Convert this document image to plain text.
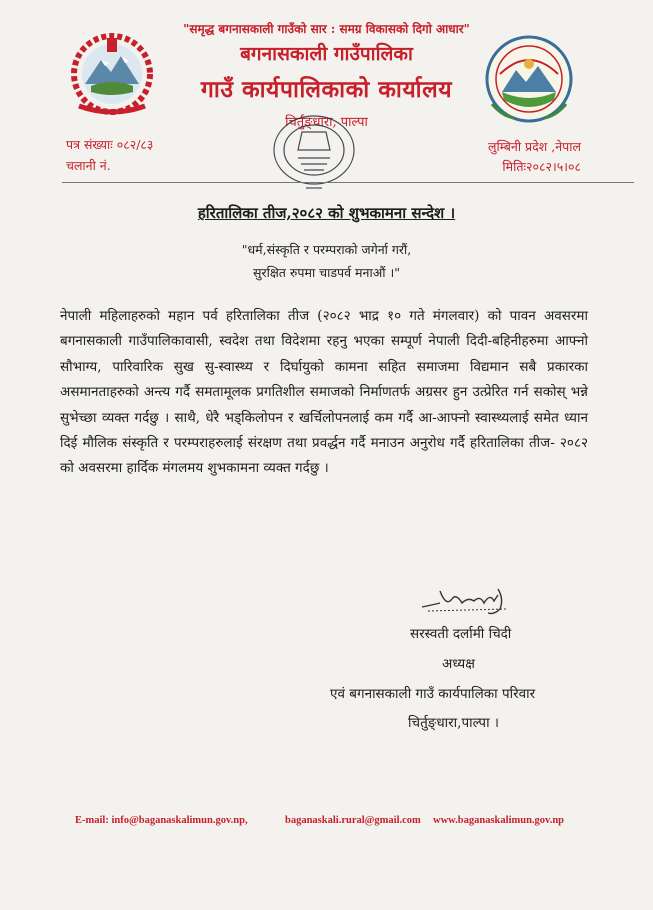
"समृद्ध बगनासकाली गाउँको सार : समग्र विकासको दिगो आधार"
बगनासकाली गाउँपालिका
गाउँ कार्यपालिकाको कार्यालय
चिर्तुङ्धारा, पाल्पा
पत्र संख्याः ०८२/८३
चलानी नं.
लुम्बिनी प्रदेश ,नेपाल
मितिः२०८२।५।०८
हरितालिका तीज,२०८२ को शुभकामना सन्देश ।
"धर्म,संस्कृति र परम्पराको जगेर्ना गरौं,
सुरक्षित रुपमा चाडपर्व मनाऔं ।"
नेपाली महिलाहरुको महान पर्व हरितालिका तीज (२०८२ भाद्र १० गते मंगलवार) को पावन अवसरमा बगनासकाली गाउँपालिकावासी, स्वदेश तथा विदेशमा रहनु भएका सम्पूर्ण नेपाली दिदी-बहिनीहरुमा आफ्नो सौभाग्य, पारिवारिक सुख सु-स्वास्थ्य र दिर्घायुको कामना सहित समाजमा विद्यमान सबै प्रकारका असमानताहरुको अन्त्य गर्दै समतामूलक प्रगतिशील समाजको निर्माणतर्फ अग्रसर हुन उत्प्रेरित गर्न सकोस् भन्ने सुभेच्छा व्यक्त गर्दछु । साथै, धेरै भड्किलोपन र खर्चिलोपनलाई कम गर्दै आ-आफ्नो स्वास्थ्यलाई समेत ध्यान दिई मौलिक संस्कृति र परम्पराहरुलाई संरक्षण तथा प्रवर्द्धन गर्दै मनाउन अनुरोध गर्दै हरितालिका तीज- २०८२ को अवसरमा हार्दिक मंगलमय शुभकामना व्यक्त गर्दछु ।
सरस्वती दर्लामी चिदी
अध्यक्ष
एवं बगनासकाली गाउँ कार्यपालिका परिवार
चिर्तुङ्धारा,पाल्पा ।
E-mail: info@baganaskalimun.gov.np,	baganaskali.rural@gmail.com www.baganaskalimun.gov.np
